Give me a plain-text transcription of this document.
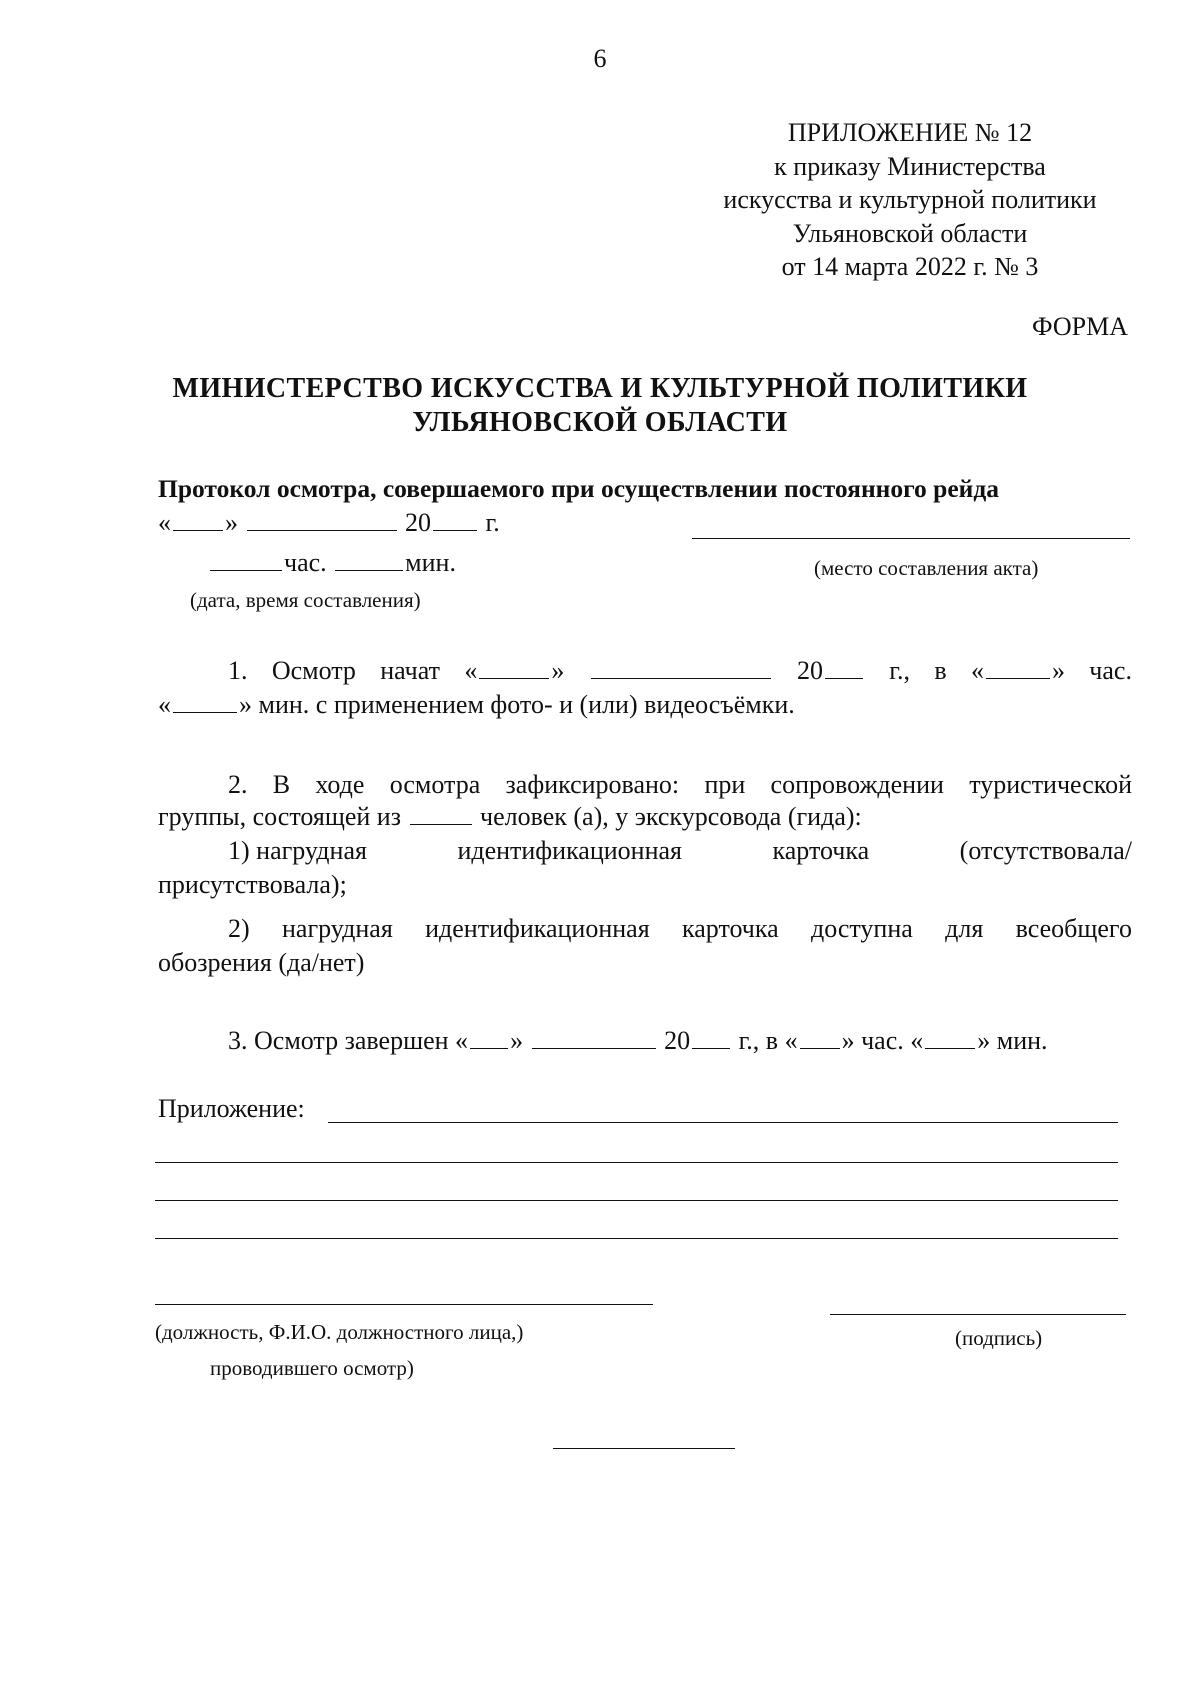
6
ПРИЛОЖЕНИЕ № 12
к приказу Министерства
искусства и культурной политики
Ульяновской области
от 14 марта 2022 г. № 3
ФОРМА
МИНИСТЕРСТВО ИСКУССТВА И КУЛЬТУРНОЙ ПОЛИТИКИ
УЛЬЯНОВСКОЙ ОБЛАСТИ
Протокол осмотра, совершаемого при осуществлении постоянного рейда
« »	20 г.
час.	мин.	(место составления акта)
(дата, время составления)
1. Осмотр начат «	»	20	г., в «	» час.
«	» мин. с применением фото- и (или) видеосъёмки.
2. В ходе осмотра зафиксировано: при сопровождении туристической
группы, состоящей из	человек (а), у экскурсовода (гида):
1) нагрудная	идентификационная	карточка	(отсутствовала/
присутствовала);
2) нагрудная идентификационная карточка доступна для всеобщего
обозрения (да/нет)
3. Осмотр завершен « »	20 г., в « » час. « » мин.
Приложение:
(должность, Ф.И.О. должностного лица,)
проводившего осмотр)
(подпись)
